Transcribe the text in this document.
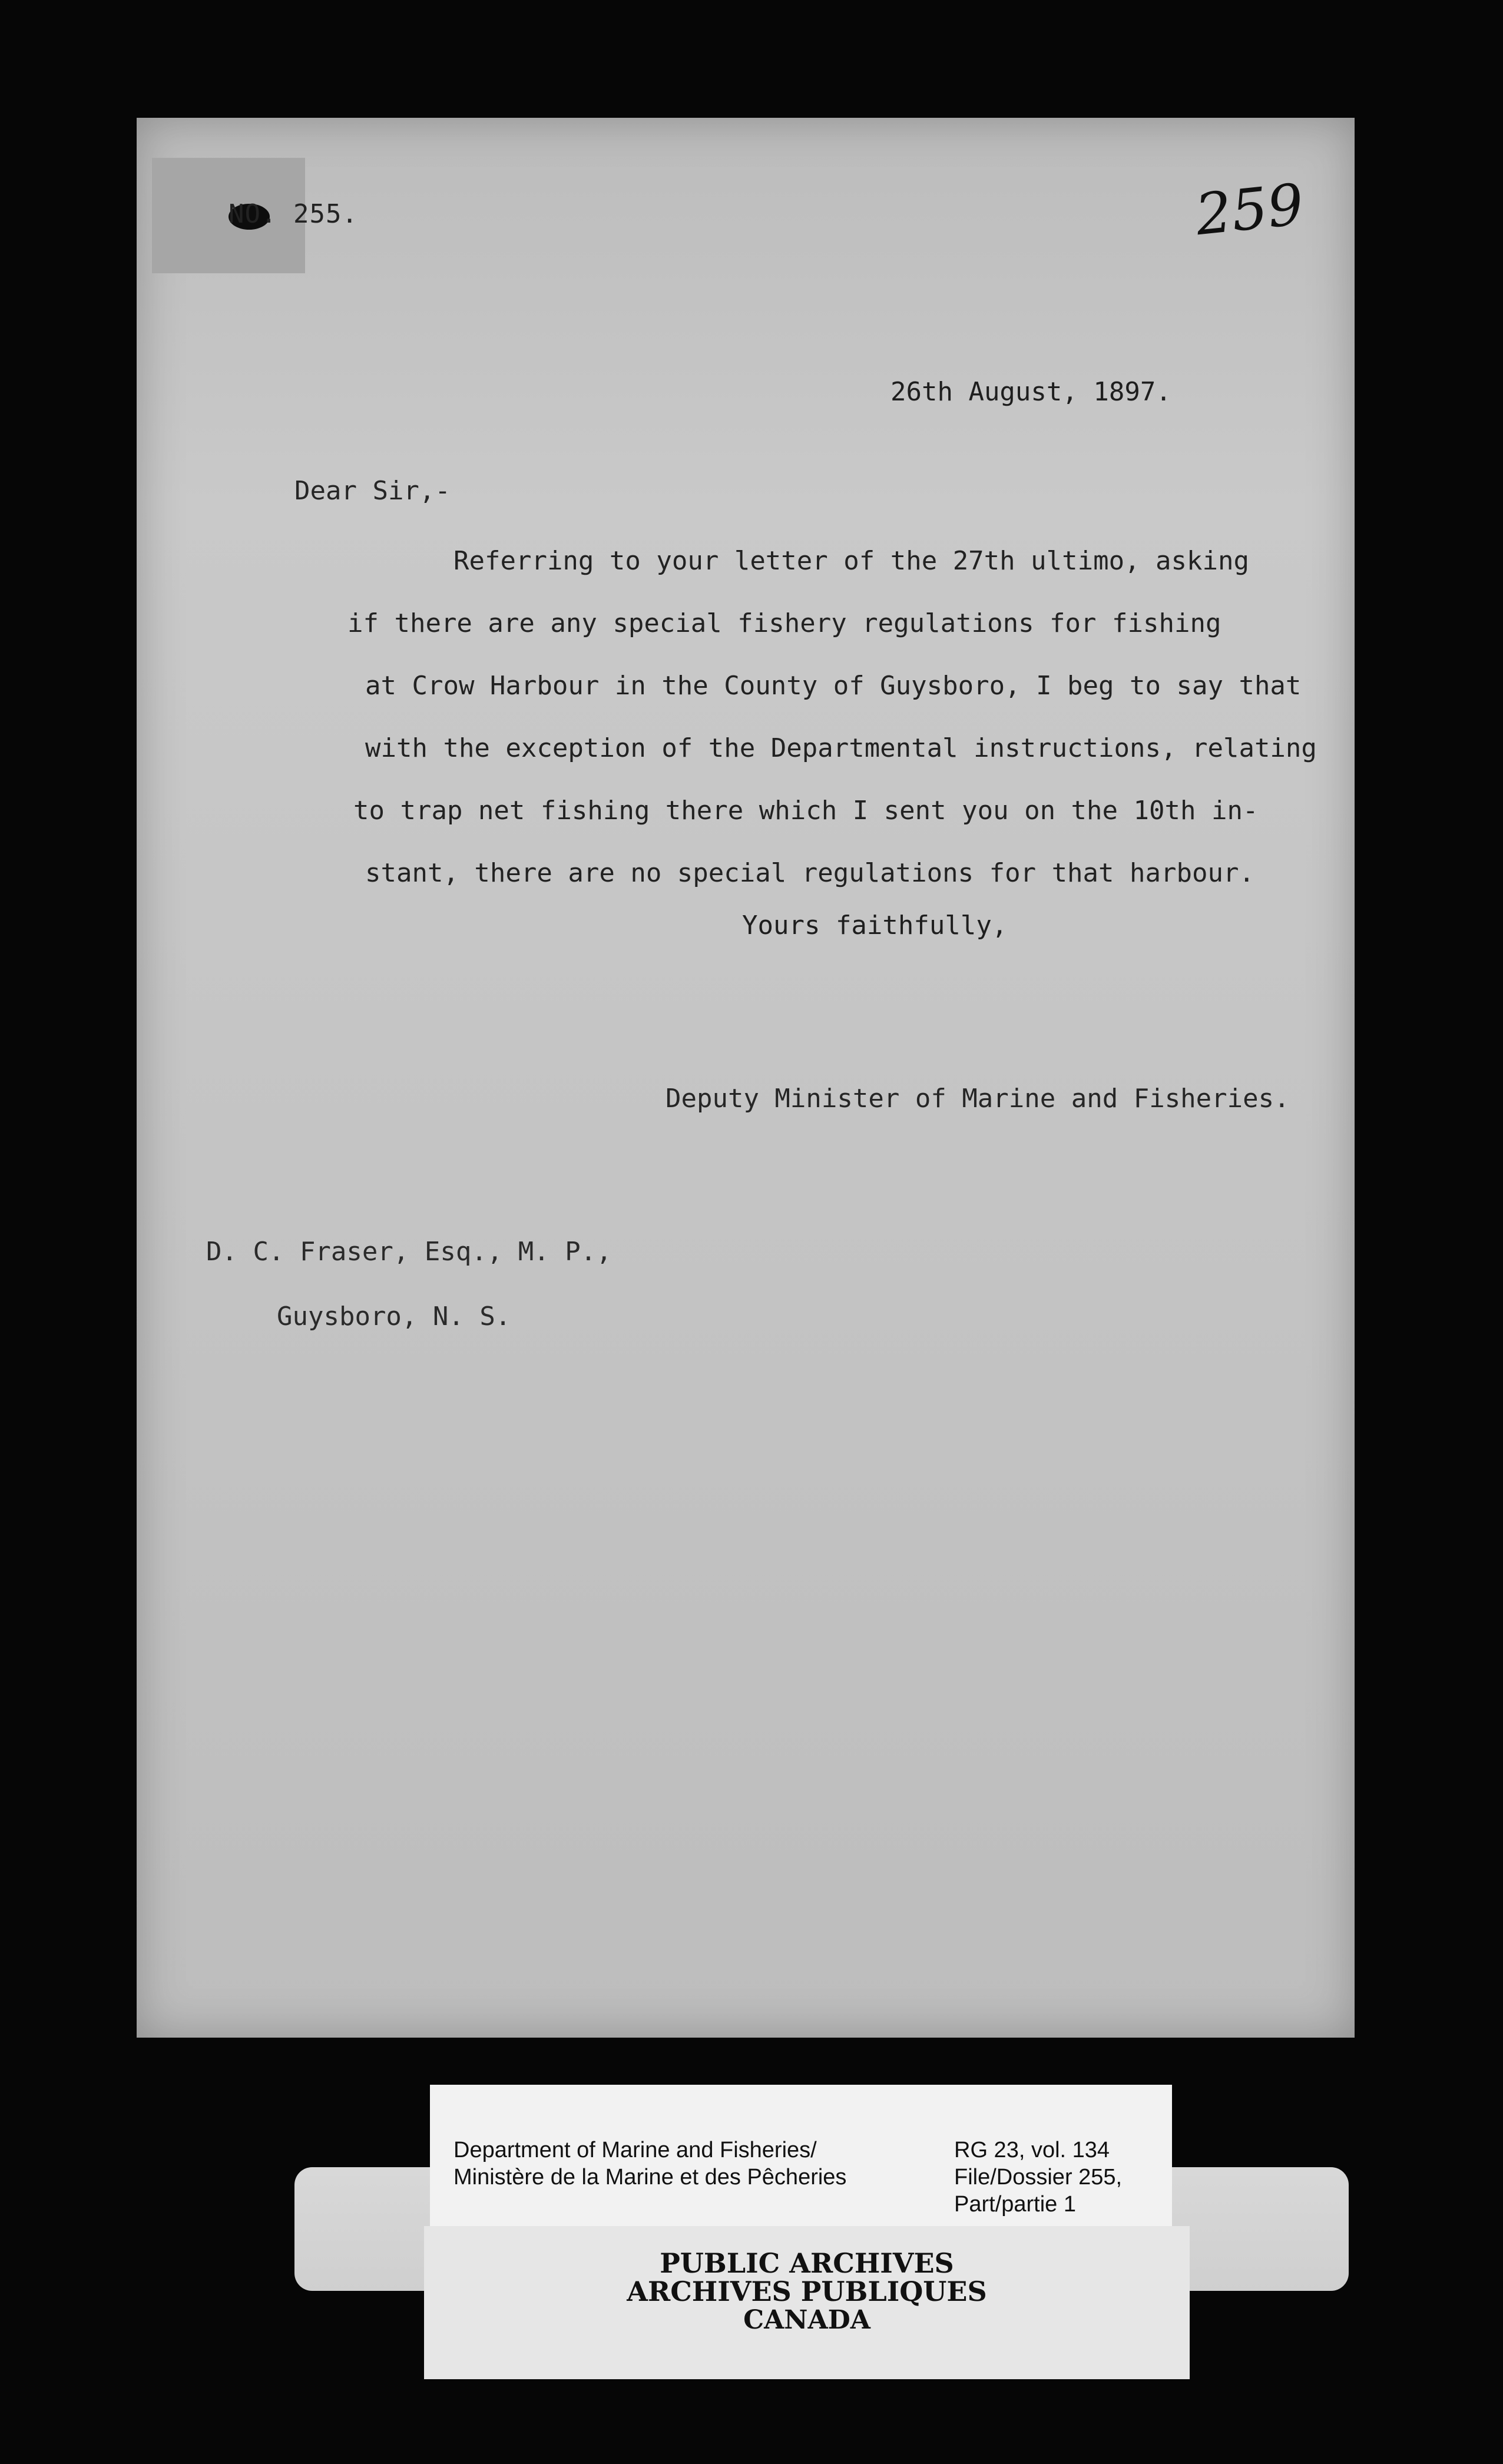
NO. 255.	259

26th August, 1897.
Dear Sir,-
Referring to your letter of the 27th ultimo, asking
if there are any special fishery regulations for fishing
at Crow Harbour in the County of Guysboro, I beg to say that
with the exception of the Departmental instructions, relating
to trap net fishing there which I sent you on the 10th in-
stant, there are no special regulations for that harbour.
Yours faithfully,
Deputy Minister of Marine and Fisheries.
D. C. Fraser, Esq., M. P.,
Guysboro, N. S.
Department of Marine and Fisheries/
Ministère de la Marine et des Pêcheries
RG 23, vol. 134
File/Dossier 255,
Part/partie 1
PUBLIC ARCHIVES
ARCHIVES PUBLIQUES
CANADA
